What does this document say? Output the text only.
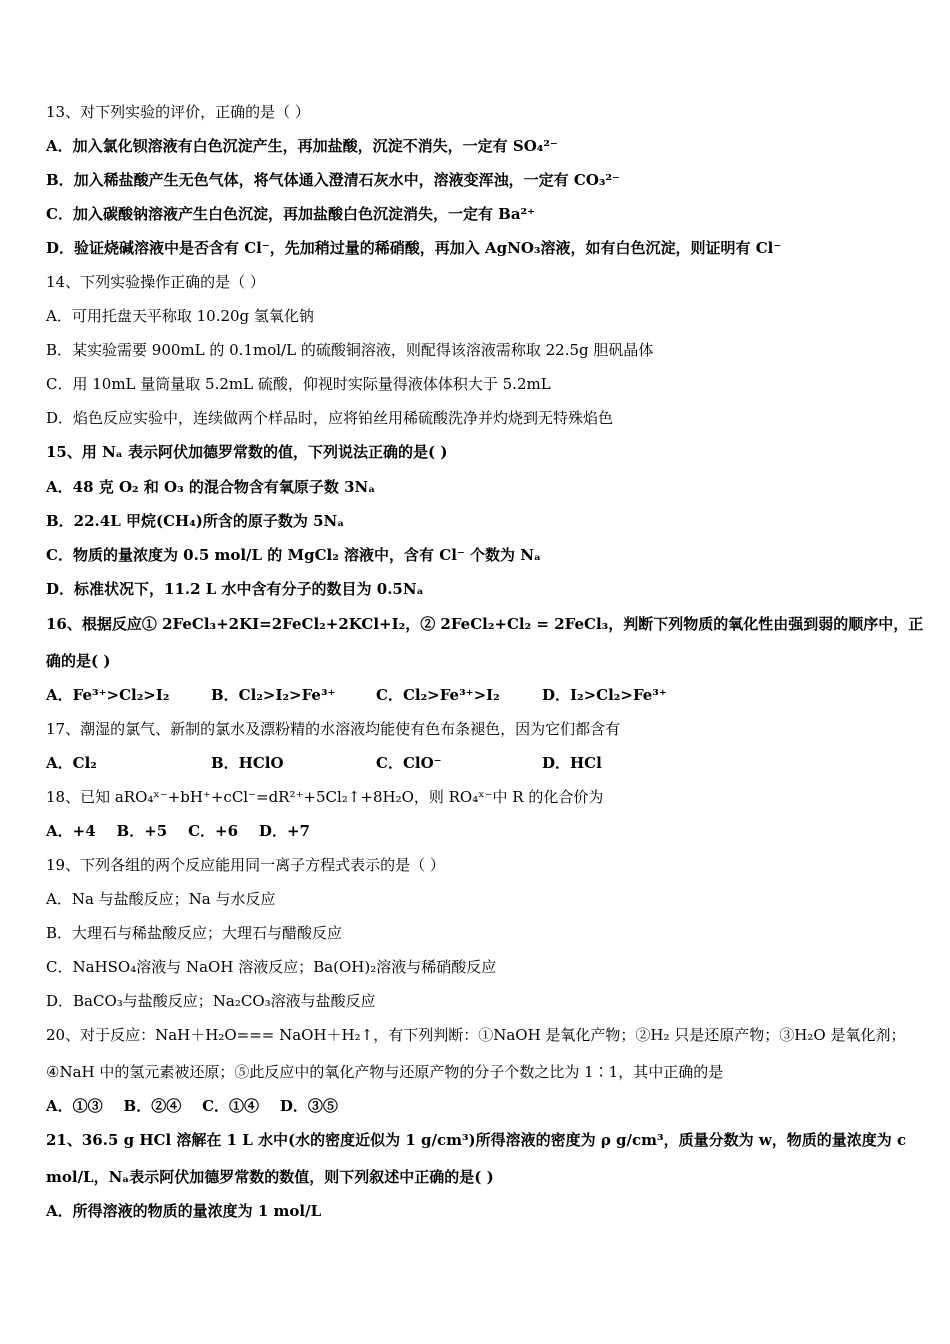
13、对下列实验的评价，正确的是（ ）
A．加入氯化钡溶液有白色沉淀产生，再加盐酸，沉淀不消失，一定有 SO₄²⁻
B．加入稀盐酸产生无色气体，将气体通入澄清石灰水中，溶液变浑浊，一定有 CO₃²⁻
C．加入碳酸钠溶液产生白色沉淀，再加盐酸白色沉淀消失，一定有 Ba²⁺
D．验证烧碱溶液中是否含有 Cl⁻，先加稍过量的稀硝酸，再加入 AgNO₃溶液，如有白色沉淀，则证明有 Cl⁻
14、下列实验操作正确的是（ ）
A．可用托盘天平称取 10.20g 氢氧化钠
B．某实验需要 900mL 的 0.1mol/L 的硫酸铜溶液，则配得该溶液需称取 22.5g 胆矾晶体
C．用 10mL 量筒量取 5.2mL 硫酸，仰视时实际量得液体体积大于 5.2mL
D．焰色反应实验中，连续做两个样品时，应将铂丝用稀硫酸洗净并灼烧到无特殊焰色
15、用 Nₐ 表示阿伏加德罗常数的值，下列说法正确的是( )
A．48 克 O₂ 和 O₃ 的混合物含有氧原子数 3Nₐ
B．22.4L 甲烷(CH₄)所含的原子数为 5Nₐ
C．物质的量浓度为 0.5 mol/L 的 MgCl₂ 溶液中，含有 Cl⁻ 个数为 Nₐ
D．标准状况下，11.2 L 水中含有分子的数目为 0.5Nₐ
16、根据反应① 2FeCl₃+2KI=2FeCl₂+2KCl+I₂，② 2FeCl₂+Cl₂ = 2FeCl₃，判断下列物质的氧化性由强到弱的顺序中，正
确的是( )
A．Fe³⁺>Cl₂>I₂	B．Cl₂>I₂>Fe³⁺	C．Cl₂>Fe³⁺>I₂	D．I₂>Cl₂>Fe³⁺
17、潮湿的氯气、新制的氯水及漂粉精的水溶液均能使有色布条褪色，因为它们都含有
A．Cl₂	B．HClO	C．ClO⁻	D．HCl
18、已知 aRO₄ˣ⁻+bH⁺+cCl⁻=dR²⁺+5Cl₂↑+8H₂O，则 RO₄ˣ⁻中 R 的化合价为
A．+4    B．+5    C．+6    D．+7
19、下列各组的两个反应能用同一离子方程式表示的是（ ）
A．Na 与盐酸反应；Na 与水反应
B．大理石与稀盐酸反应；大理石与醋酸反应
C．NaHSO₄溶液与 NaOH 溶液反应；Ba(OH)₂溶液与稀硝酸反应
D．BaCO₃与盐酸反应；Na₂CO₃溶液与盐酸反应
20、对于反应：NaH＋H₂O=== NaOH＋H₂↑，有下列判断：①NaOH 是氧化产物；②H₂ 只是还原产物；③H₂O 是氧化剂；
④NaH 中的氢元素被还原；⑤此反应中的氧化产物与还原产物的分子个数之比为 1∶1，其中正确的是
A．①③    B．②④    C．①④    D．③⑤
21、36.5 g HCl 溶解在 1 L 水中(水的密度近似为 1 g/cm³)所得溶液的密度为 ρ g/cm³，质量分数为 w，物质的量浓度为 c
mol/L，Nₐ表示阿伏加德罗常数的数值，则下列叙述中正确的是( )
A．所得溶液的物质的量浓度为 1 mol/L
